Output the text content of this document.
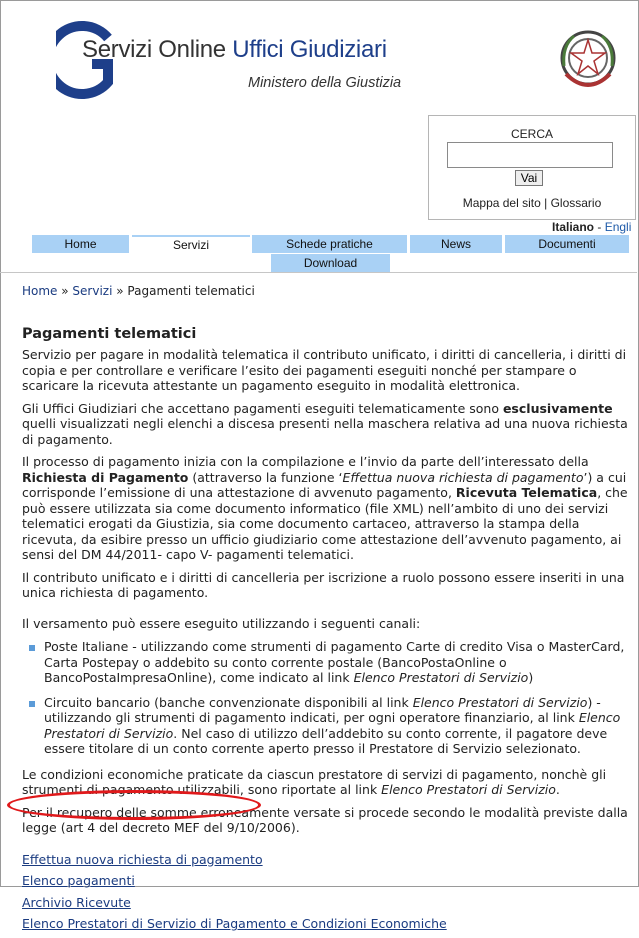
Servizi Online Uffici Giudiziari
Ministero della Giustizia
CERCA
Vai
Mappa del sito | Glossario
Italiano - Engli
Home	Servizi	Schede pratiche	News	Documenti
Download
Home » Servizi » Pagamenti telematici
Pagamenti telematici

Servizio per pagare in modalità telematica il contributo unificato, i diritti di cancelleria, i diritti di copia e per controllare e verificare l’esito dei pagamenti eseguiti nonché per stampare o scaricare la ricevuta attestante un pagamento eseguito in modalità elettronica.

Gli Uffici Giudiziari che accettano pagamenti eseguiti telematicamente sono esclusivamente quelli visualizzati negli elenchi a discesa presenti nella maschera relativa ad una nuova richiesta di pagamento.

Il processo di pagamento inizia con la compilazione e l’invio da parte dell’interessato della Richiesta di Pagamento (attraverso la funzione ‘Effettua nuova richiesta di pagamento’) a cui corrisponde l’emissione di una attestazione di avvenuto pagamento, Ricevuta Telematica, che può essere utilizzata sia come documento informatico (file XML) nell’ambito di uno dei servizi telematici erogati da Giustizia, sia come documento cartaceo, attraverso la stampa della ricevuta, da esibire presso un ufficio giudiziario come attestazione dell’avvenuto pagamento, ai sensi del DM 44/2011- capo V- pagamenti telematici.

Il contributo unificato e i diritti di cancelleria per iscrizione a ruolo possono essere inseriti in una unica richiesta di pagamento.

Il versamento può essere eseguito utilizzando i seguenti canali:

Poste Italiane - utilizzando come strumenti di pagamento Carte di credito Visa o MasterCard, Carta Postepay o addebito su conto corrente postale (BancoPostaOnline o BancoPostaImpresaOnline), come indicato al link Elenco Prestatori di Servizio)
Circuito bancario (banche convenzionate disponibili al link Elenco Prestatori di Servizio) - utilizzando gli strumenti di pagamento indicati, per ogni operatore finanziario, al link Elenco Prestatori di Servizio. Nel caso di utilizzo dell’addebito su conto corrente, il pagatore deve essere titolare di un conto corrente aperto presso il Prestatore di Servizio selezionato.

Le condizioni economiche praticate da ciascun prestatore di servizi di pagamento, nonchè gli strumenti di pagamento utilizzabili, sono riportate al link Elenco Prestatori di Servizio.

Per il recupero delle somme erroneamente versate si procede secondo le modalità previste dalla legge (art 4 del decreto MEF del 9/10/2006).

Effettua nuova richiesta di pagamento
Elenco pagamenti
Archivio Ricevute
Elenco Prestatori di Servizio di Pagamento e Condizioni Economiche
